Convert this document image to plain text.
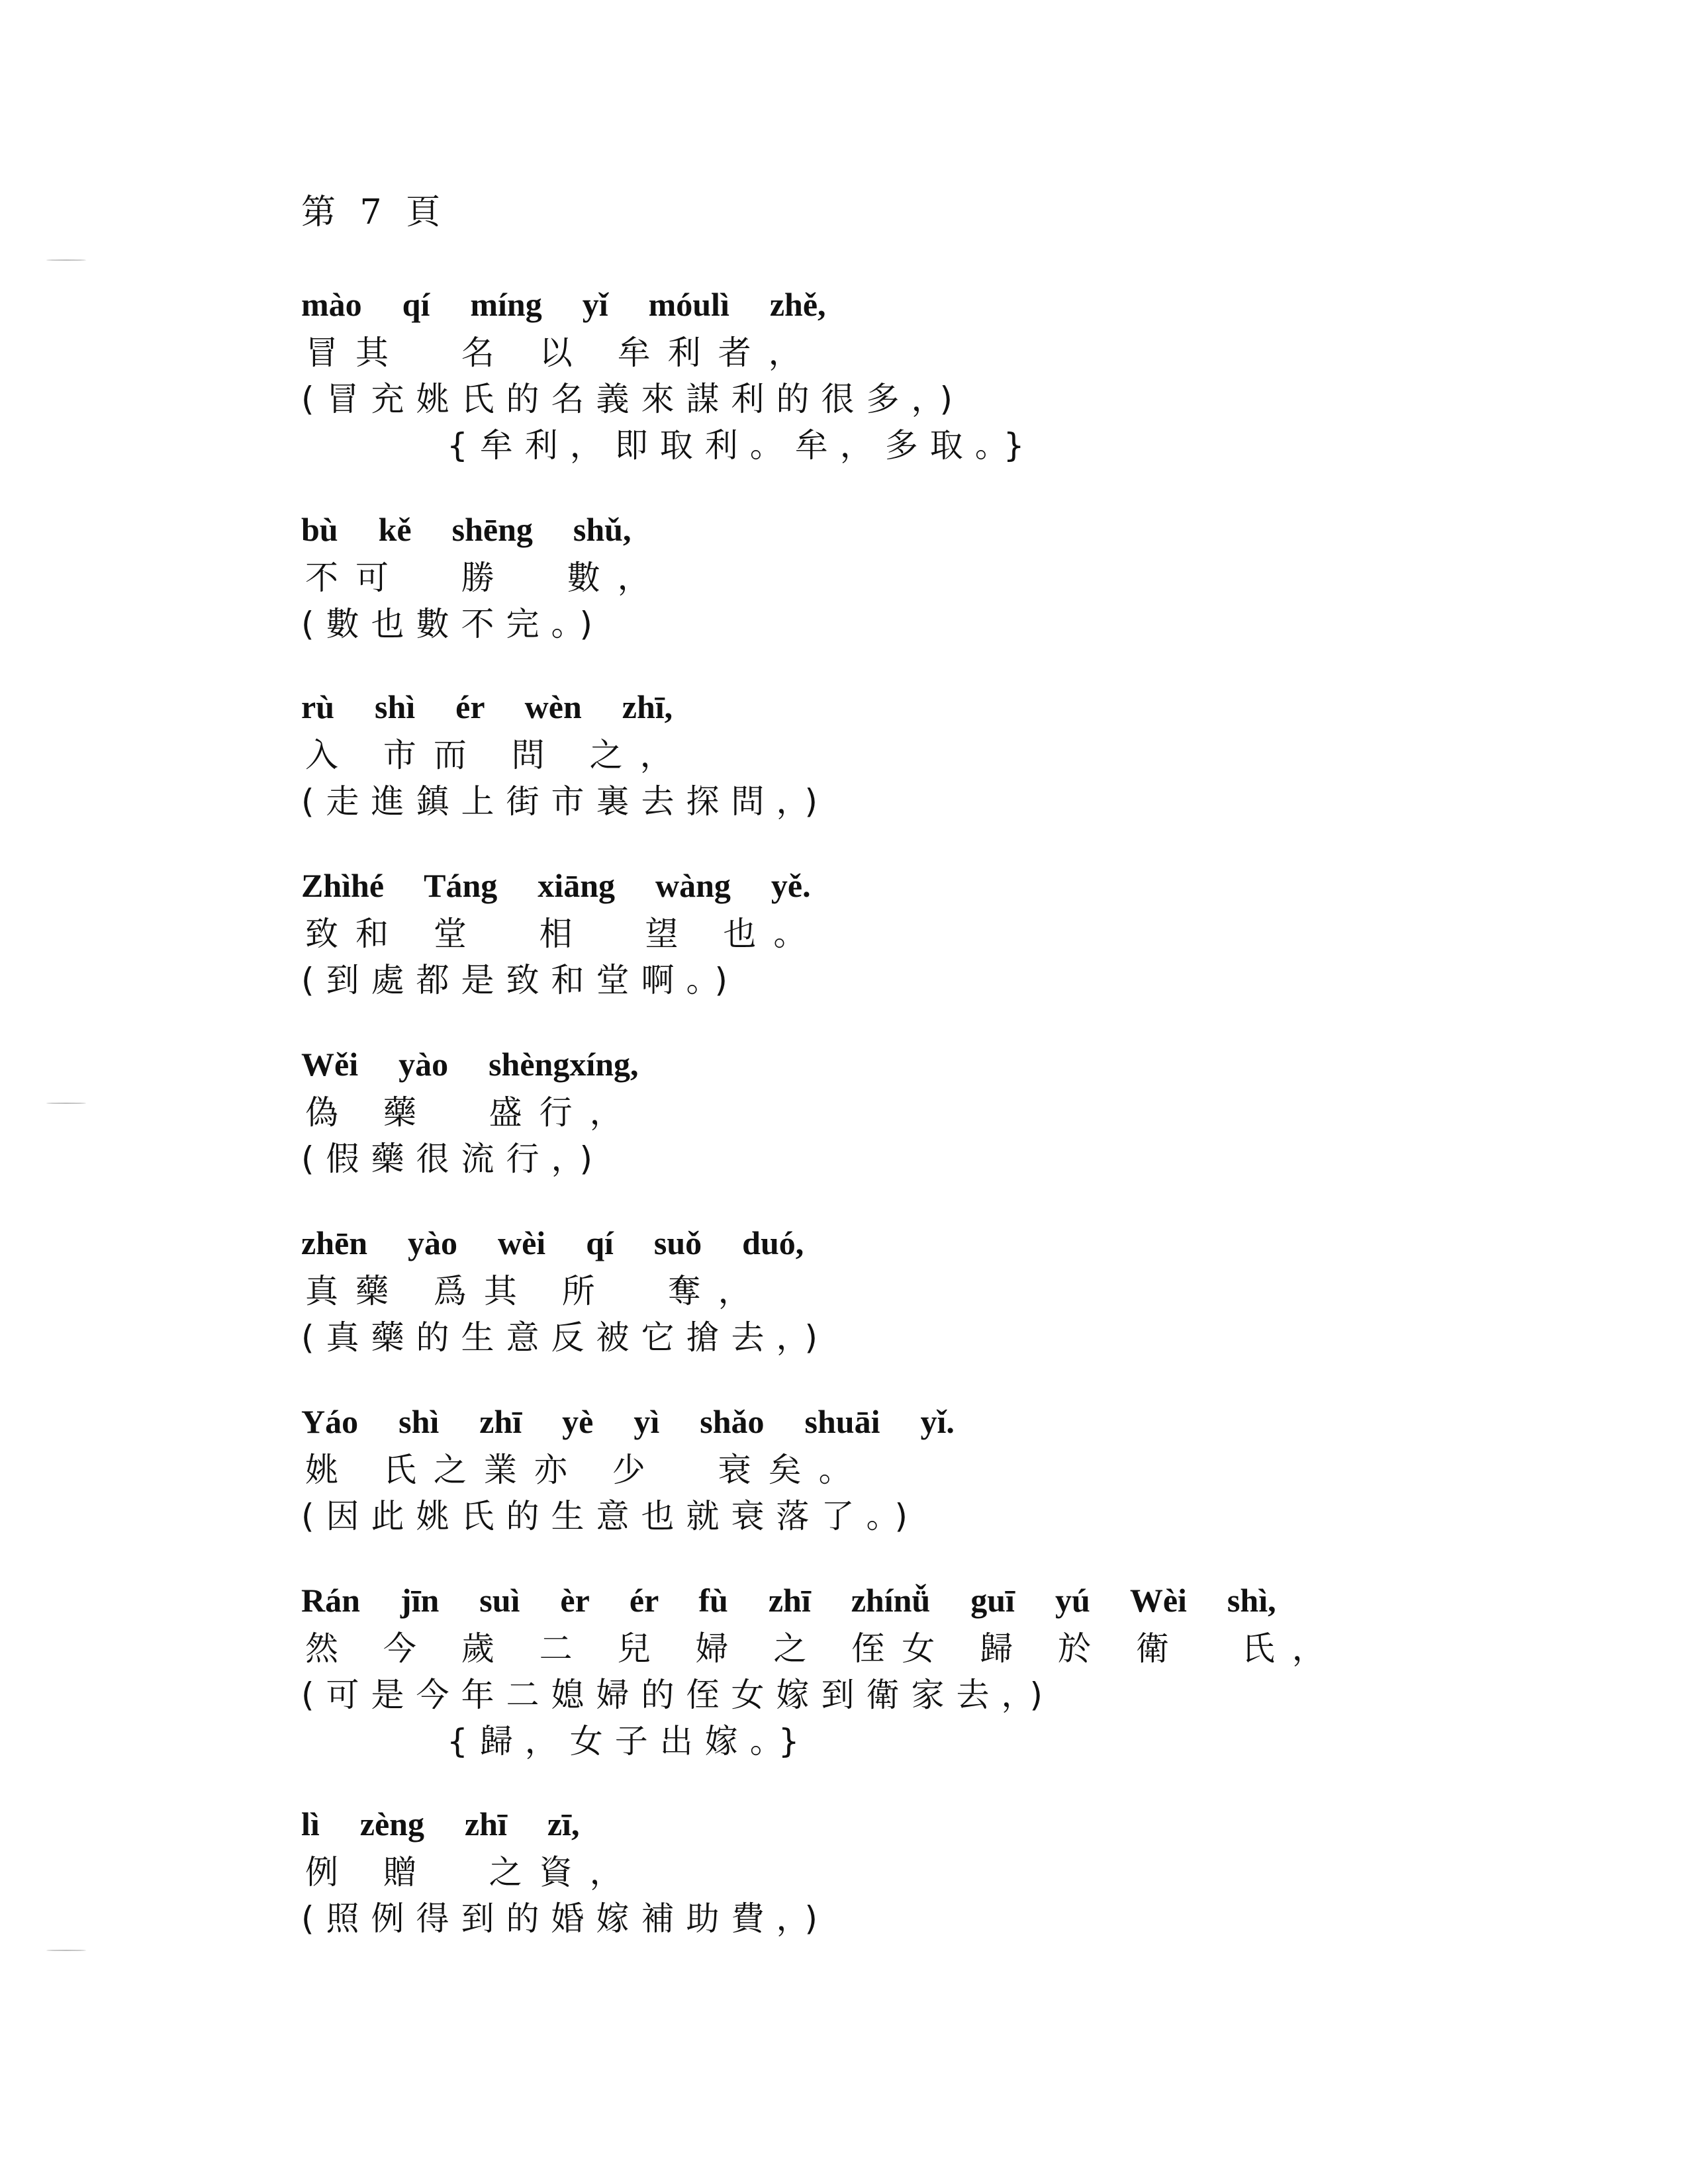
第 7 頁
mào  qí  míng  yǐ  móulì  zhě,
冒其  名 以 牟利者，
(冒充姚氏的名義來謀利的很多，)
{牟利，即取利。牟，多取。}
bù  kě  shēng  shǔ,
不可  勝  數，
(數也數不完。)
rù  shì  ér  wèn  zhī,
入 市而 問 之，
(走進鎮上街市裏去探問，)
Zhìhé  Táng  xiāng  wàng  yě.
致和 堂  相  望 也。
(到處都是致和堂啊。)
Wěi  yào  shèngxíng,
偽 藥  盛行，
(假藥很流行，)
zhēn  yào  wèi  qí  suǒ  duó,
真藥 爲其 所  奪，
(真藥的生意反被它搶去，)
Yáo  shì  zhī  yè  yì  shǎo  shuāi  yǐ.
姚 氏之業亦 少  衰矣。
(因此姚氏的生意也就衰落了。)
Rán  jīn  suì  èr  ér  fù  zhī  zhínǚ  guī  yú  Wèi  shì,
然 今 歲 二 兒 婦 之 侄女 歸 於 衛  氏，
(可是今年二媳婦的侄女嫁到衛家去，)
{歸，女子出嫁。}
lì  zèng  zhī  zī,
例 贈  之資，
(照例得到的婚嫁補助費，)
